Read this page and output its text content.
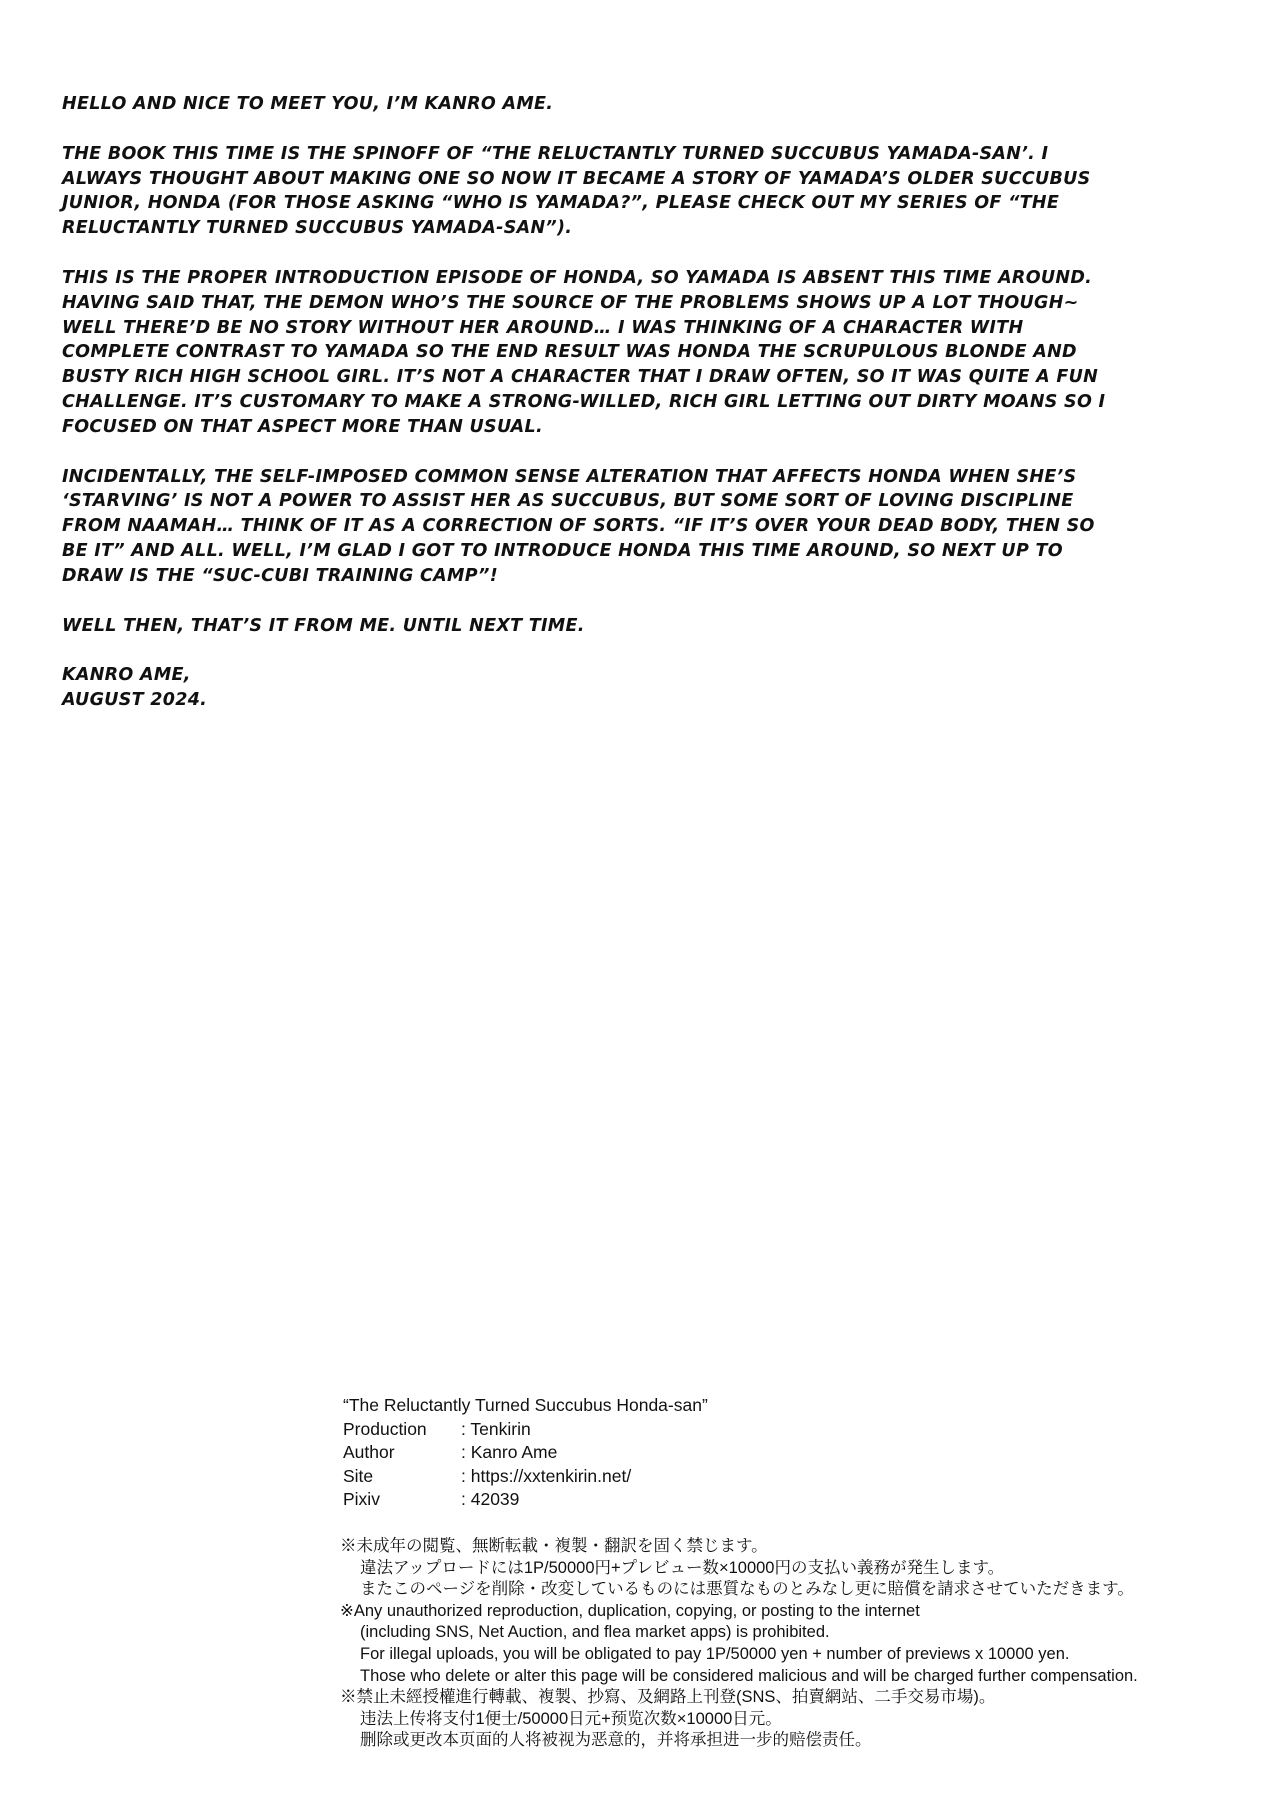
HELLO AND NICE TO MEET YOU, I’M KANRO AME.

THE BOOK THIS TIME IS THE SPINOFF OF “THE RELUCTANTLY TURNED SUCCUBUS YAMADA-SAN’. I ALWAYS THOUGHT ABOUT MAKING ONE SO NOW IT BECAME A STORY OF YAMADA’S OLDER SUCCUBUS JUNIOR, HONDA (FOR THOSE ASKING “WHO IS YAMADA?”, PLEASE CHECK OUT MY SERIES OF “THE RELUCTANTLY TURNED SUCCUBUS YAMADA-SAN”).

THIS IS THE PROPER INTRODUCTION EPISODE OF HONDA, SO YAMADA IS ABSENT THIS TIME AROUND. HAVING SAID THAT, THE DEMON WHO’S THE SOURCE OF THE PROBLEMS SHOWS UP A LOT THOUGH~ WELL THERE’D BE NO STORY WITHOUT HER AROUND… I WAS THINKING OF A CHARACTER WITH COMPLETE CONTRAST TO YAMADA SO THE END RESULT WAS HONDA THE SCRUPULOUS BLONDE AND BUSTY RICH HIGH SCHOOL GIRL. IT’S NOT A CHARACTER THAT I DRAW OFTEN, SO IT WAS QUITE A FUN CHALLENGE. IT’S CUSTOMARY TO MAKE A STRONG-WILLED, RICH GIRL LETTING OUT DIRTY MOANS SO I FOCUSED ON THAT ASPECT MORE THAN USUAL.

INCIDENTALLY, THE SELF-IMPOSED COMMON SENSE ALTERATION THAT AFFECTS HONDA WHEN SHE’S ‘STARVING’ IS NOT A POWER TO ASSIST HER AS SUCCUBUS, BUT SOME SORT OF LOVING DISCIPLINE FROM NAAMAH… THINK OF IT AS A CORRECTION OF SORTS. “IF IT’S OVER YOUR DEAD BODY, THEN SO BE IT” AND ALL. WELL, I’M GLAD I GOT TO INTRODUCE HONDA THIS TIME AROUND, SO NEXT UP TO DRAW IS THE “SUC-CUBI TRAINING CAMP”!

WELL THEN, THAT’S IT FROM ME. UNTIL NEXT TIME.

KANRO AME,
AUGUST 2024.

“The Reluctantly Turned Succubus Honda-san”
Production	: Tenkirin
Author	: Kanro Ame
Site	: https://xxtenkirin.net/
Pixiv	: 42039
※未成年の閲覧、無断転載・複製・翻訳を固く禁じます。
違法アップロードには1P/50000円+プレビュー数×10000円の支払い義務が発生します。
またこのページを削除・改変しているものには悪質なものとみなし更に賠償を請求させていただきます。
※Any unauthorized reproduction, duplication, copying, or posting to the internet
(including SNS, Net Auction, and flea market apps) is prohibited.
For illegal uploads, you will be obligated to pay 1P/50000 yen + number of previews x 10000 yen.
Those who delete or alter this page will be considered malicious and will be charged further compensation.
※禁止未經授權進行轉載、複製、抄寫、及網路上刊登(SNS、拍賣網站、二手交易市場)。
违法上传将支付1便士/50000日元+预览次数×10000日元。
删除或更改本页面的人将被视为恶意的，并将承担进一步的赔偿责任。
